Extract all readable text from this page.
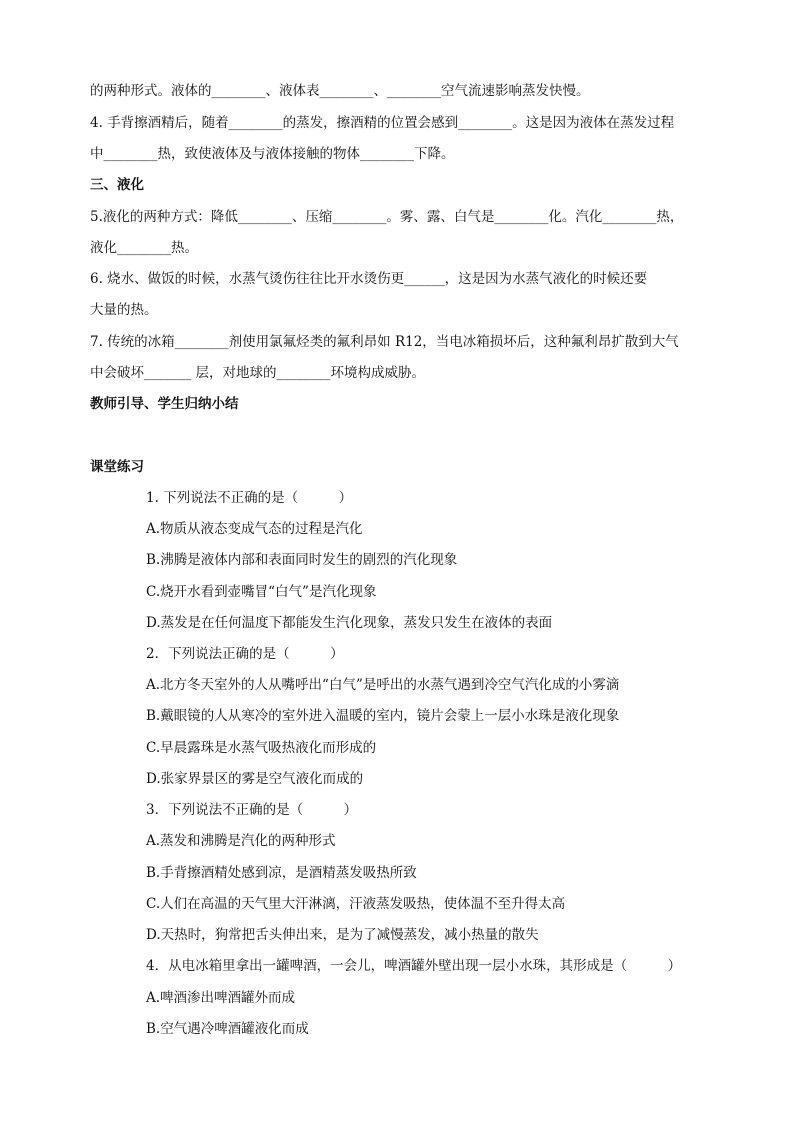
的两种形式。液体的________、液体表________、________空气流速影响蒸发快慢。
4. 手背擦酒精后，随着________的蒸发，擦酒精的位置会感到________。这是因为液体在蒸发过程
中________热，致使液体及与液体接触的物体________下降。
三、液化
5.液化的两种方式：降低________、压缩________。雾、露、白气是________化。汽化________热，
液化________热。
6. 烧水、做饭的时候，水蒸气烫伤往往比开水烫伤更______，这是因为水蒸气液化的时候还要
大量的热。
7. 传统的冰箱________剂使用氯氟烃类的氟利昂如 R12，当电冰箱损坏后，这种氟利昂扩散到大气
中会破坏_______ 层，对地球的________环境构成威胁。
教师引导、学生归纳小结
课堂练习
1. 下列说法不正确的是（　　　）
A.物质从液态变成气态的过程是汽化
B.沸腾是液体内部和表面同时发生的剧烈的汽化现象
C.烧开水看到壶嘴冒“白气”是汽化现象
D.蒸发是在任何温度下都能发生汽化现象，蒸发只发生在液体的表面
2．下列说法正确的是（　　　）
A.北方冬天室外的人从嘴呼出“白气”是呼出的水蒸气遇到冷空气汽化成的小雾滴
B.戴眼镜的人从寒冷的室外进入温暖的室内，镜片会蒙上一层小水珠是液化现象
C.早晨露珠是水蒸气吸热液化而形成的
D.张家界景区的雾是空气液化而成的
3．下列说法不正确的是（　　　）
A.蒸发和沸腾是汽化的两种形式
B.手背擦酒精处感到凉，是酒精蒸发吸热所致
C.人们在高温的天气里大汗淋漓，汗液蒸发吸热，使体温不至升得太高
D.天热时，狗常把舌头伸出来，是为了减慢蒸发，减小热量的散失
4．从电冰箱里拿出一罐啤酒，一会儿，啤酒罐外壁出现一层小水珠，其形成是（　　　）
A.啤酒渗出啤酒罐外而成
B.空气遇冷啤酒罐液化而成
